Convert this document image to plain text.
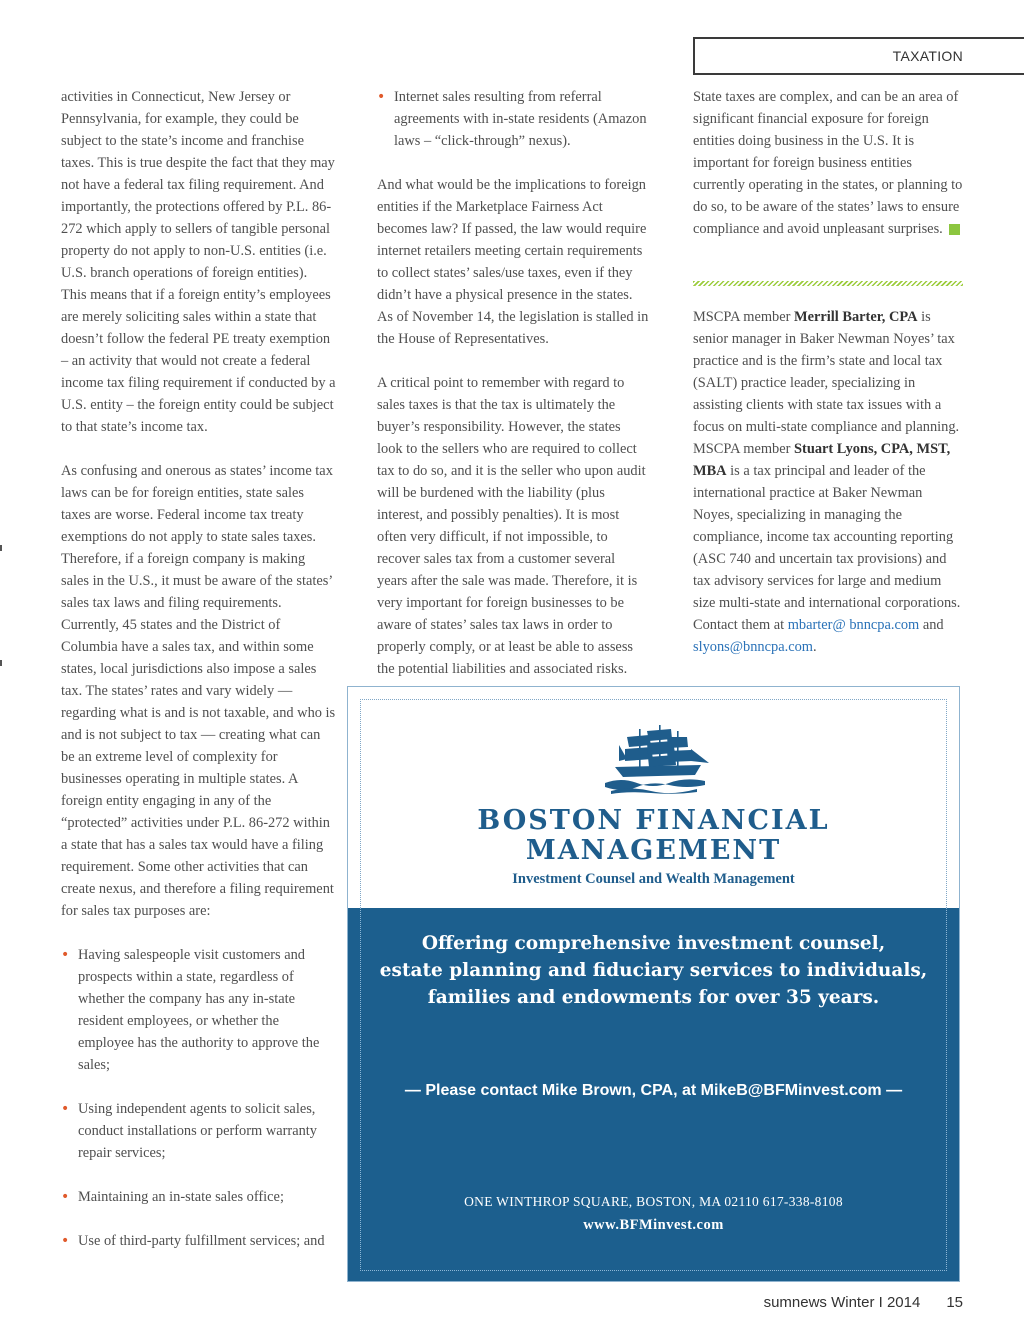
TAXATION

activities in Connecticut, New Jersey or Pennsylvania, for example, they could be subject to the state’s income and franchise taxes. This is true despite the fact that they may not have a federal tax filing requirement. And importantly, the protections offered by P.L. 86-272 which apply to sellers of tangible personal property do not apply to non-U.S. entities (i.e. U.S. branch operations of foreign entities). This means that if a foreign entity’s employees are merely soliciting sales within a state that doesn’t follow the federal PE treaty exemption – an activity that would not create a federal income tax filing requirement if conducted by a U.S. entity – the foreign entity could be subject to that state’s income tax.

As confusing and onerous as states’ income tax laws can be for foreign entities, state sales taxes are worse. Federal income tax treaty exemptions do not apply to state sales taxes. Therefore, if a foreign company is making sales in the U.S., it must be aware of the states’ sales tax laws and filing requirements. Currently, 45 states and the District of Columbia have a sales tax, and within some states, local jurisdictions also impose a sales tax. The states’ rates and vary widely — regarding what is and is not taxable, and who is and is not subject to tax — creating what can be an extreme level of complexity for businesses operating in multiple states. A foreign entity engaging in any of the “protected” activities under P.L. 86-272 within a state that has a sales tax would have a filing requirement. Some other activities that can create nexus, and therefore a filing requirement for sales tax purposes are:

• Having salespeople visit customers and prospects within a state, regardless of whether the company has any in-state resident employees, or whether the employee has the authority to approve the sales;
• Using independent agents to solicit sales, conduct installations or perform warranty repair services;
• Maintaining an in-state sales office;
• Use of third-party fulfillment services; and
• Internet sales resulting from referral agreements with in-state residents (Amazon laws – “click-through” nexus).

And what would be the implications to foreign entities if the Marketplace Fairness Act becomes law? If passed, the law would require internet retailers meeting certain requirements to collect states’ sales/use taxes, even if they didn’t have a physical presence in the states. As of November 14, the legislation is stalled in the House of Representatives.

A critical point to remember with regard to sales taxes is that the tax is ultimately the buyer’s responsibility. However, the states look to the sellers who are required to collect tax to do so, and it is the seller who upon audit will be burdened with the liability (plus interest, and possibly penalties). It is most often very difficult, if not impossible, to recover sales tax from a customer several years after the sale was made. Therefore, it is very important for foreign businesses to be aware of states’ sales tax laws in order to properly comply, or at least be able to assess the potential liabilities and associated risks.

State taxes are complex, and can be an area of significant financial exposure for foreign entities doing business in the U.S. It is important for foreign business entities currently operating in the states, or planning to do so, to be aware of the states’ laws to ensure compliance and avoid unpleasant surprises.

MSCPA member Merrill Barter, CPA is senior manager in Baker Newman Noyes’ tax practice and is the firm’s state and local tax (SALT) practice leader, specializing in assisting clients with state tax issues with a focus on multi-state compliance and planning. MSCPA member Stuart Lyons, CPA, MST, MBA is a tax principal and leader of the international practice at Baker Newman Noyes, specializing in managing the compliance, income tax accounting reporting (ASC 740 and uncertain tax provisions) and tax advisory services for large and medium size multi-state and international corporations. Contact them at mbarter@ bnncpa.com and slyons@bnncpa.com.

BOSTON FINANCIAL
MANAGEMENT
Investment Counsel and Wealth Management
Offering comprehensive investment counsel,
estate planning and fiduciary services to individuals,
families and endowments for over 35 years.
— Please contact Mike Brown, CPA, at MikeB@BFMinvest.com —
ONE WINTHROP SQUARE, BOSTON, MA 02110 617-338-8108
www.BFMinvest.com
sumnews Winter I 2014 15
